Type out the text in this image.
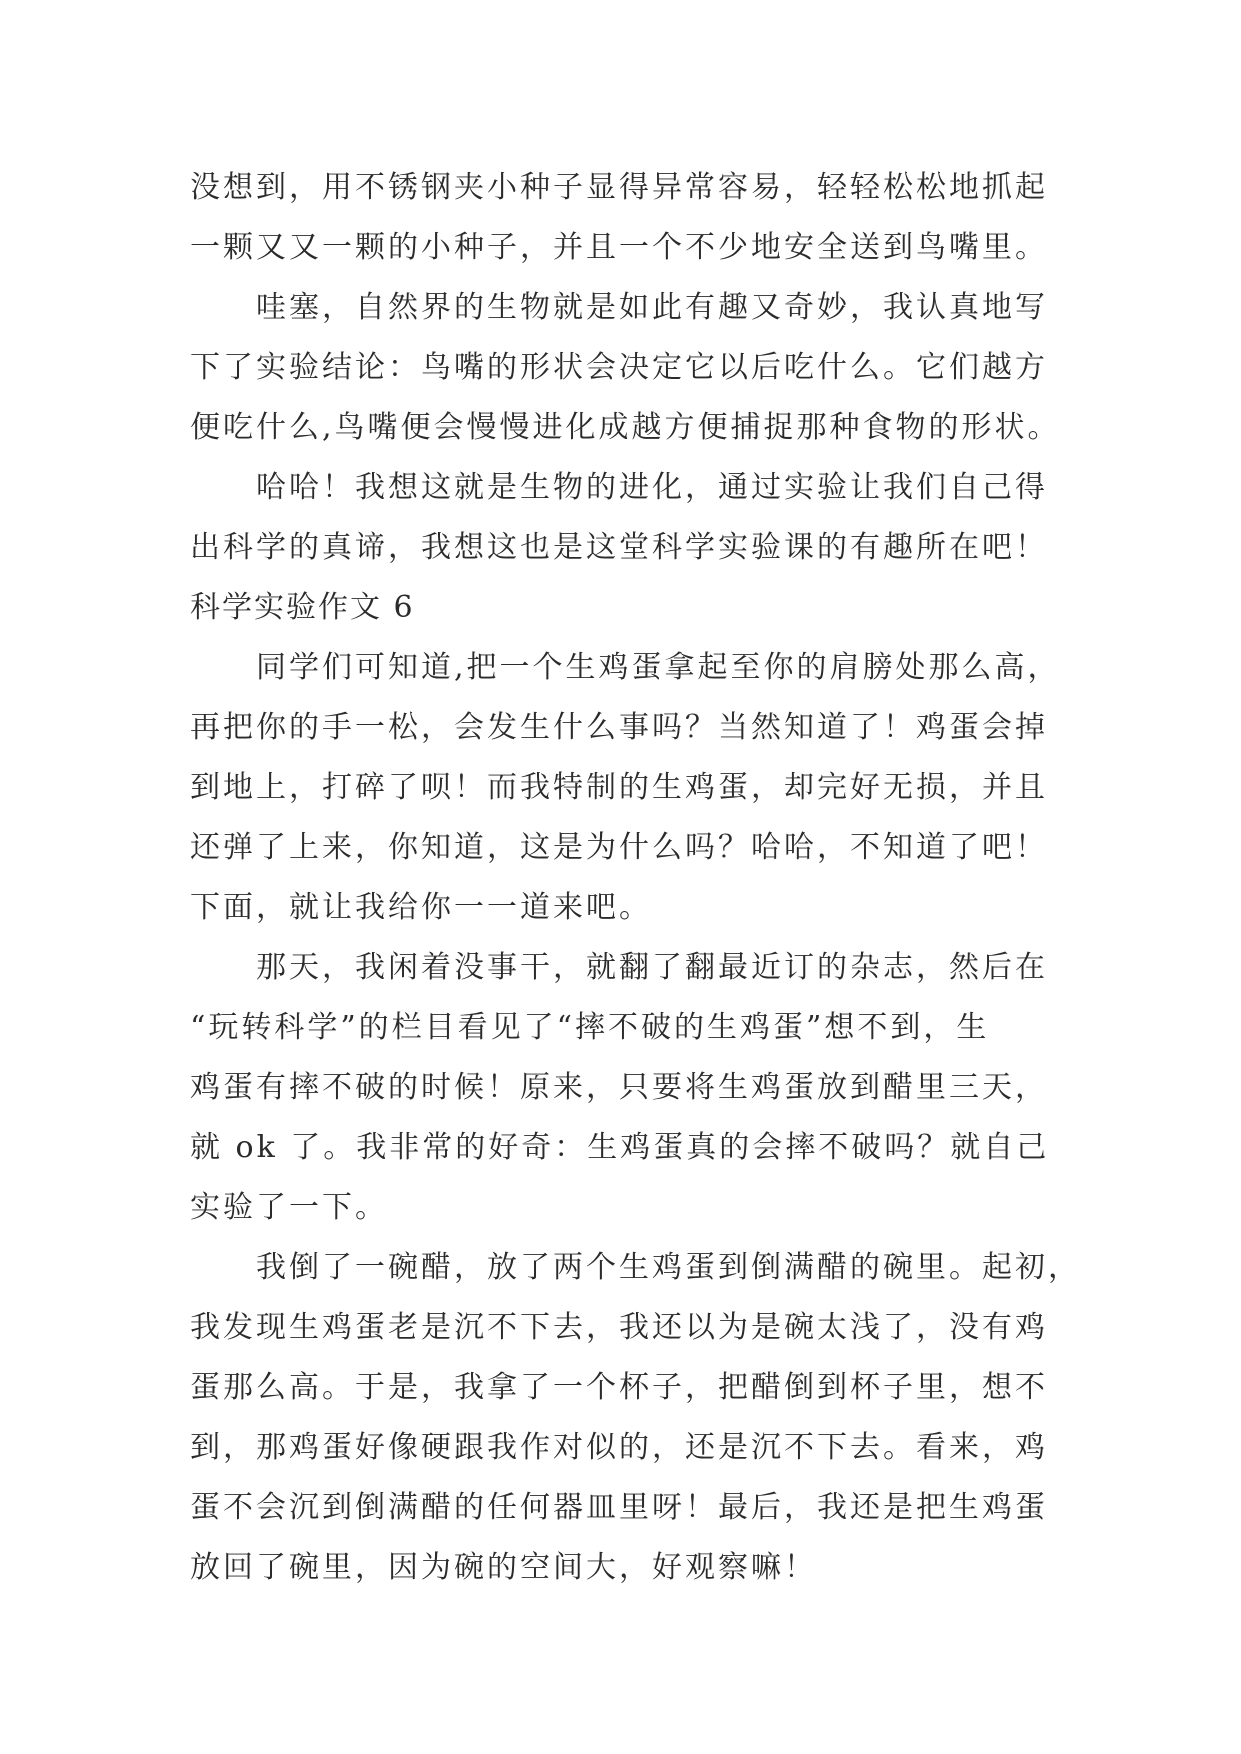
没想到，用不锈钢夹小种子显得异常容易，轻轻松松地抓起
一颗又又一颗的小种子，并且一个不少地安全送到鸟嘴里。
哇塞，自然界的生物就是如此有趣又奇妙，我认真地写
下了实验结论：鸟嘴的形状会决定它以后吃什么。它们越方
便吃什么,鸟嘴便会慢慢进化成越方便捕捉那种食物的形状。
哈哈！我想这就是生物的进化，通过实验让我们自己得
出科学的真谛，我想这也是这堂科学实验课的有趣所在吧！
科学实验作文 6
同学们可知道,把一个生鸡蛋拿起至你的肩膀处那么高，
再把你的手一松，会发生什么事吗？当然知道了！鸡蛋会掉
到地上，打碎了呗！而我特制的生鸡蛋，却完好无损，并且
还弹了上来，你知道，这是为什么吗？哈哈，不知道了吧！
下面，就让我给你一一道来吧。
那天，我闲着没事干，就翻了翻最近订的杂志，然后在
“玩转科学”的栏目看见了“摔不破的生鸡蛋”想不到，生
鸡蛋有摔不破的时候！原来，只要将生鸡蛋放到醋里三天，
就 ok 了。我非常的好奇：生鸡蛋真的会摔不破吗？就自己
实验了一下。
我倒了一碗醋，放了两个生鸡蛋到倒满醋的碗里。起初，
我发现生鸡蛋老是沉不下去，我还以为是碗太浅了，没有鸡
蛋那么高。于是，我拿了一个杯子，把醋倒到杯子里，想不
到，那鸡蛋好像硬跟我作对似的，还是沉不下去。看来，鸡
蛋不会沉到倒满醋的任何器皿里呀！最后，我还是把生鸡蛋
放回了碗里，因为碗的空间大，好观察嘛！
